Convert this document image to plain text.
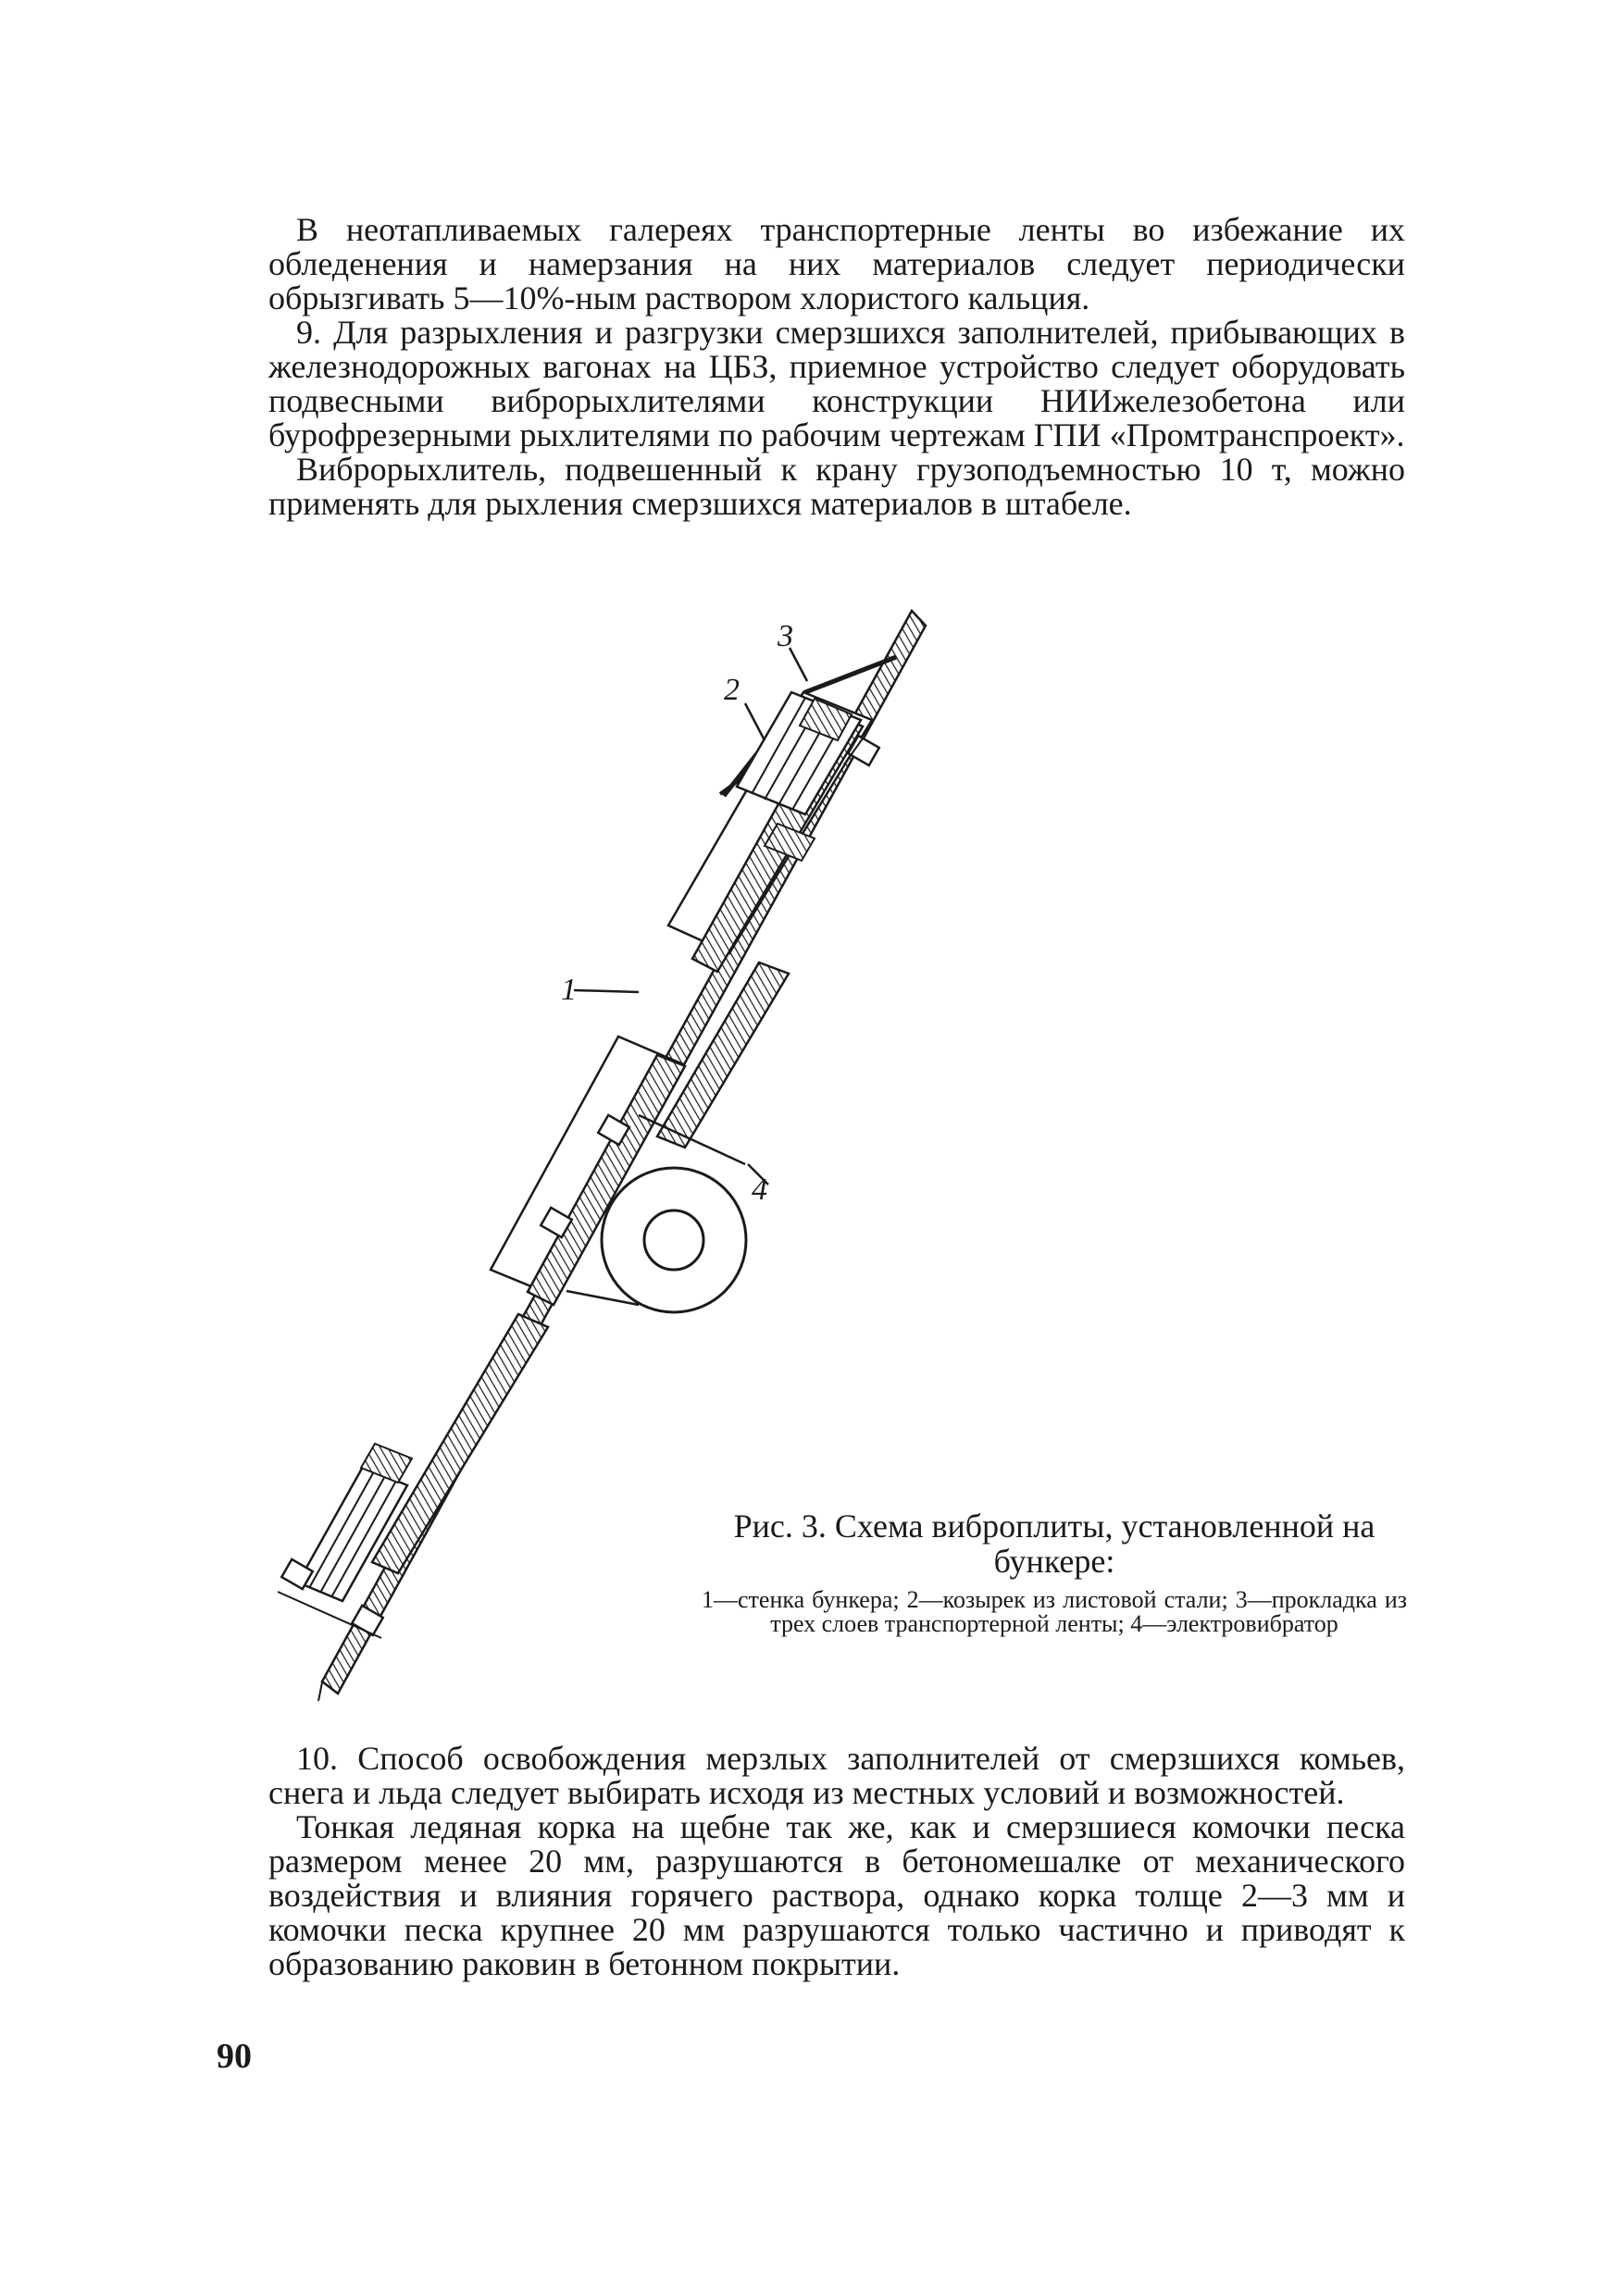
В неотапливаемых галереях транспортерные ленты во избежание их обледенения и намерзания на них материалов следует периодически обрызгивать 5—10%-ным раствором хлористого кальция.

9. Для разрыхления и разгрузки смерзшихся заполнителей, прибывающих в железнодорожных вагонах на ЦБЗ, приемное устройство следует оборудовать подвесными виброрыхлителями конструкции НИИжелезобетона или бурофрезерными рыхлителями по рабочим чертежам ГПИ «Промтранспроект».

Виброрыхлитель, подвешенный к крану грузоподъемностью 10 т, можно применять для рыхления смерзшихся материалов в штабеле.

1
2
3
4

Рис. 3. Схема виброплиты, установленной на бункере:

1—стенка бункера; 2—козырек из листовой стали; 3—прокладка из трех слоев транспортерной ленты; 4—электровибратор

10. Способ освобождения мерзлых заполнителей от смерзшихся комьев, снега и льда следует выбирать исходя из местных условий и возможностей.

Тонкая ледяная корка на щебне так же, как и смерзшиеся комочки песка размером менее 20 мм, разрушаются в бетономешалке от механического воздействия и влияния горячего раствора, однако корка толще 2—3 мм и комочки песка крупнее 20 мм разрушаются только частично и приводят к образованию раковин в бетонном покрытии.

90
